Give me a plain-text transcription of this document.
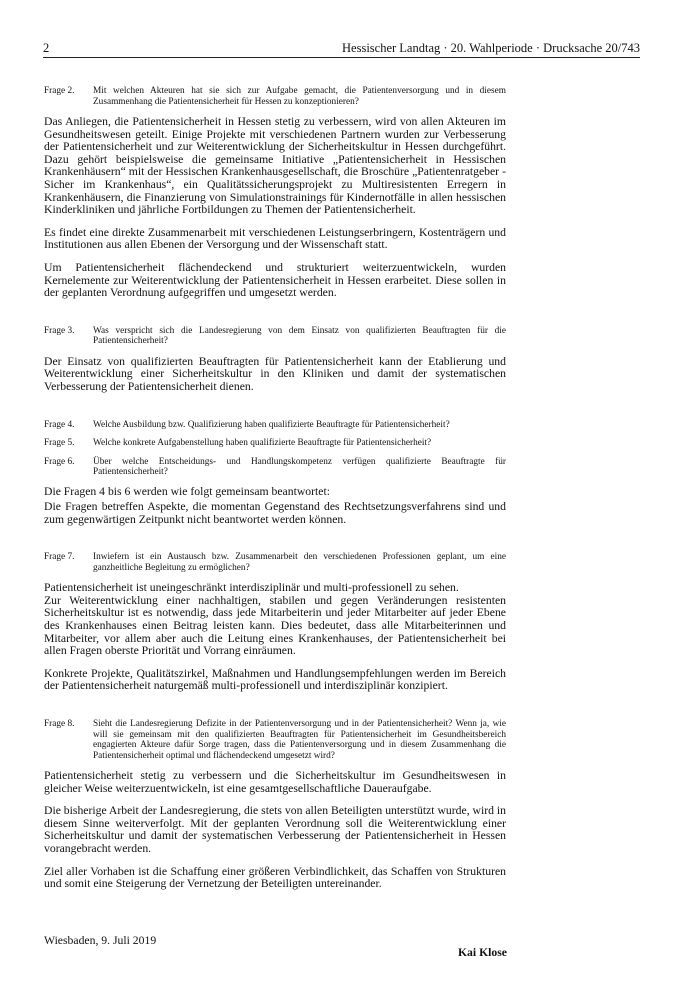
2	Hessischer Landtag · 20. Wahlperiode · Drucksache 20/743
Frage 2.	Mit welchen Akteuren hat sie sich zur Aufgabe gemacht, die Patientenversorgung und in diesem Zusammenhang die Patientensicherheit für Hessen zu konzeptionieren?

Das Anliegen, die Patientensicherheit in Hessen stetig zu verbessern, wird von allen Akteuren im Gesundheitswesen geteilt. Einige Projekte mit verschiedenen Partnern wurden zur Verbesserung der Patientensicherheit und zur Weiterentwicklung der Sicherheitskultur in Hessen durchgeführt. Dazu gehört beispielsweise die gemeinsame Initiative „Patientensicherheit in Hessischen Krankenhäusern“ mit der Hessischen Krankenhausgesellschaft, die Broschüre „Patientenratgeber - Sicher im Krankenhaus“, ein Qualitätssicherungsprojekt zu Multiresistenten Erregern in Krankenhäusern, die Finanzierung von Simulationstrainings für Kindernotfälle in allen hessischen Kinderkliniken und jährliche Fortbildungen zu Themen der Patientensicherheit.

Es findet eine direkte Zusammenarbeit mit verschiedenen Leistungserbringern, Kostenträgern und Institutionen aus allen Ebenen der Versorgung und der Wissenschaft statt.

Um Patientensicherheit flächendeckend und strukturiert weiterzuentwickeln, wurden Kernelemente zur Weiterentwicklung der Patientensicherheit in Hessen erarbeitet. Diese sollen in der geplanten Verordnung aufgegriffen und umgesetzt werden.

Frage 3.	Was verspricht sich die Landesregierung von dem Einsatz von qualifizierten Beauftragten für die Patientensicherheit?

Der Einsatz von qualifizierten Beauftragten für Patientensicherheit kann der Etablierung und Weiterentwicklung einer Sicherheitskultur in den Kliniken und damit der systematischen Verbesserung der Patientensicherheit dienen.

Frage 4.	Welche Ausbildung bzw. Qualifizierung haben qualifizierte Beauftragte für Patientensicherheit?
Frage 5.	Welche konkrete Aufgabenstellung haben qualifizierte Beauftragte für Patientensicherheit?
Frage 6.	Über welche Entscheidungs- und Handlungskompetenz verfügen qualifizierte Beauftragte für Patientensicherheit?

Die Fragen 4 bis 6 werden wie folgt gemeinsam beantwortet:

Die Fragen betreffen Aspekte, die momentan Gegenstand des Rechtsetzungsverfahrens sind und zum gegenwärtigen Zeitpunkt nicht beantwortet werden können.

Frage 7.	Inwiefern ist ein Austausch bzw. Zusammenarbeit den verschiedenen Professionen geplant, um eine ganzheitliche Begleitung zu ermöglichen?

Patientensicherheit ist uneingeschränkt interdisziplinär und multi-professionell zu sehen.

Zur Weiterentwicklung einer nachhaltigen, stabilen und gegen Veränderungen resistenten Sicherheitskultur ist es notwendig, dass jede Mitarbeiterin und jeder Mitarbeiter auf jeder Ebene des Krankenhauses einen Beitrag leisten kann. Dies bedeutet, dass alle Mitarbeiterinnen und Mitarbeiter, vor allem aber auch die Leitung eines Krankenhauses, der Patientensicherheit bei allen Fragen oberste Priorität und Vorrang einräumen.

Konkrete Projekte, Qualitätszirkel, Maßnahmen und Handlungsempfehlungen werden im Bereich der Patientensicherheit naturgemäß multi-professionell und interdisziplinär konzipiert.

Frage 8.	Sieht die Landesregierung Defizite in der Patientenversorgung und in der Patientensicherheit? Wenn ja, wie will sie gemeinsam mit den qualifizierten Beauftragten für Patientensicherheit im Gesundheitsbereich engagierten Akteure dafür Sorge tragen, dass die Patientenversorgung und in diesem Zusammenhang die Patientensicherheit optimal und flächendeckend umgesetzt wird?

Patientensicherheit stetig zu verbessern und die Sicherheitskultur im Gesundheitswesen in gleicher Weise weiterzuentwickeln, ist eine gesamtgesellschaftliche Daueraufgabe.

Die bisherige Arbeit der Landesregierung, die stets von allen Beteiligten unterstützt wurde, wird in diesem Sinne weiterverfolgt. Mit der geplanten Verordnung soll die Weiterentwicklung einer Sicherheitskultur und damit der systematischen Verbesserung der Patientensicherheit in Hessen vorangebracht werden.

Ziel aller Vorhaben ist die Schaffung einer größeren Verbindlichkeit, das Schaffen von Strukturen und somit eine Steigerung der Vernetzung der Beteiligten untereinander.

Wiesbaden, 9. Juli 2019
Kai Klose
